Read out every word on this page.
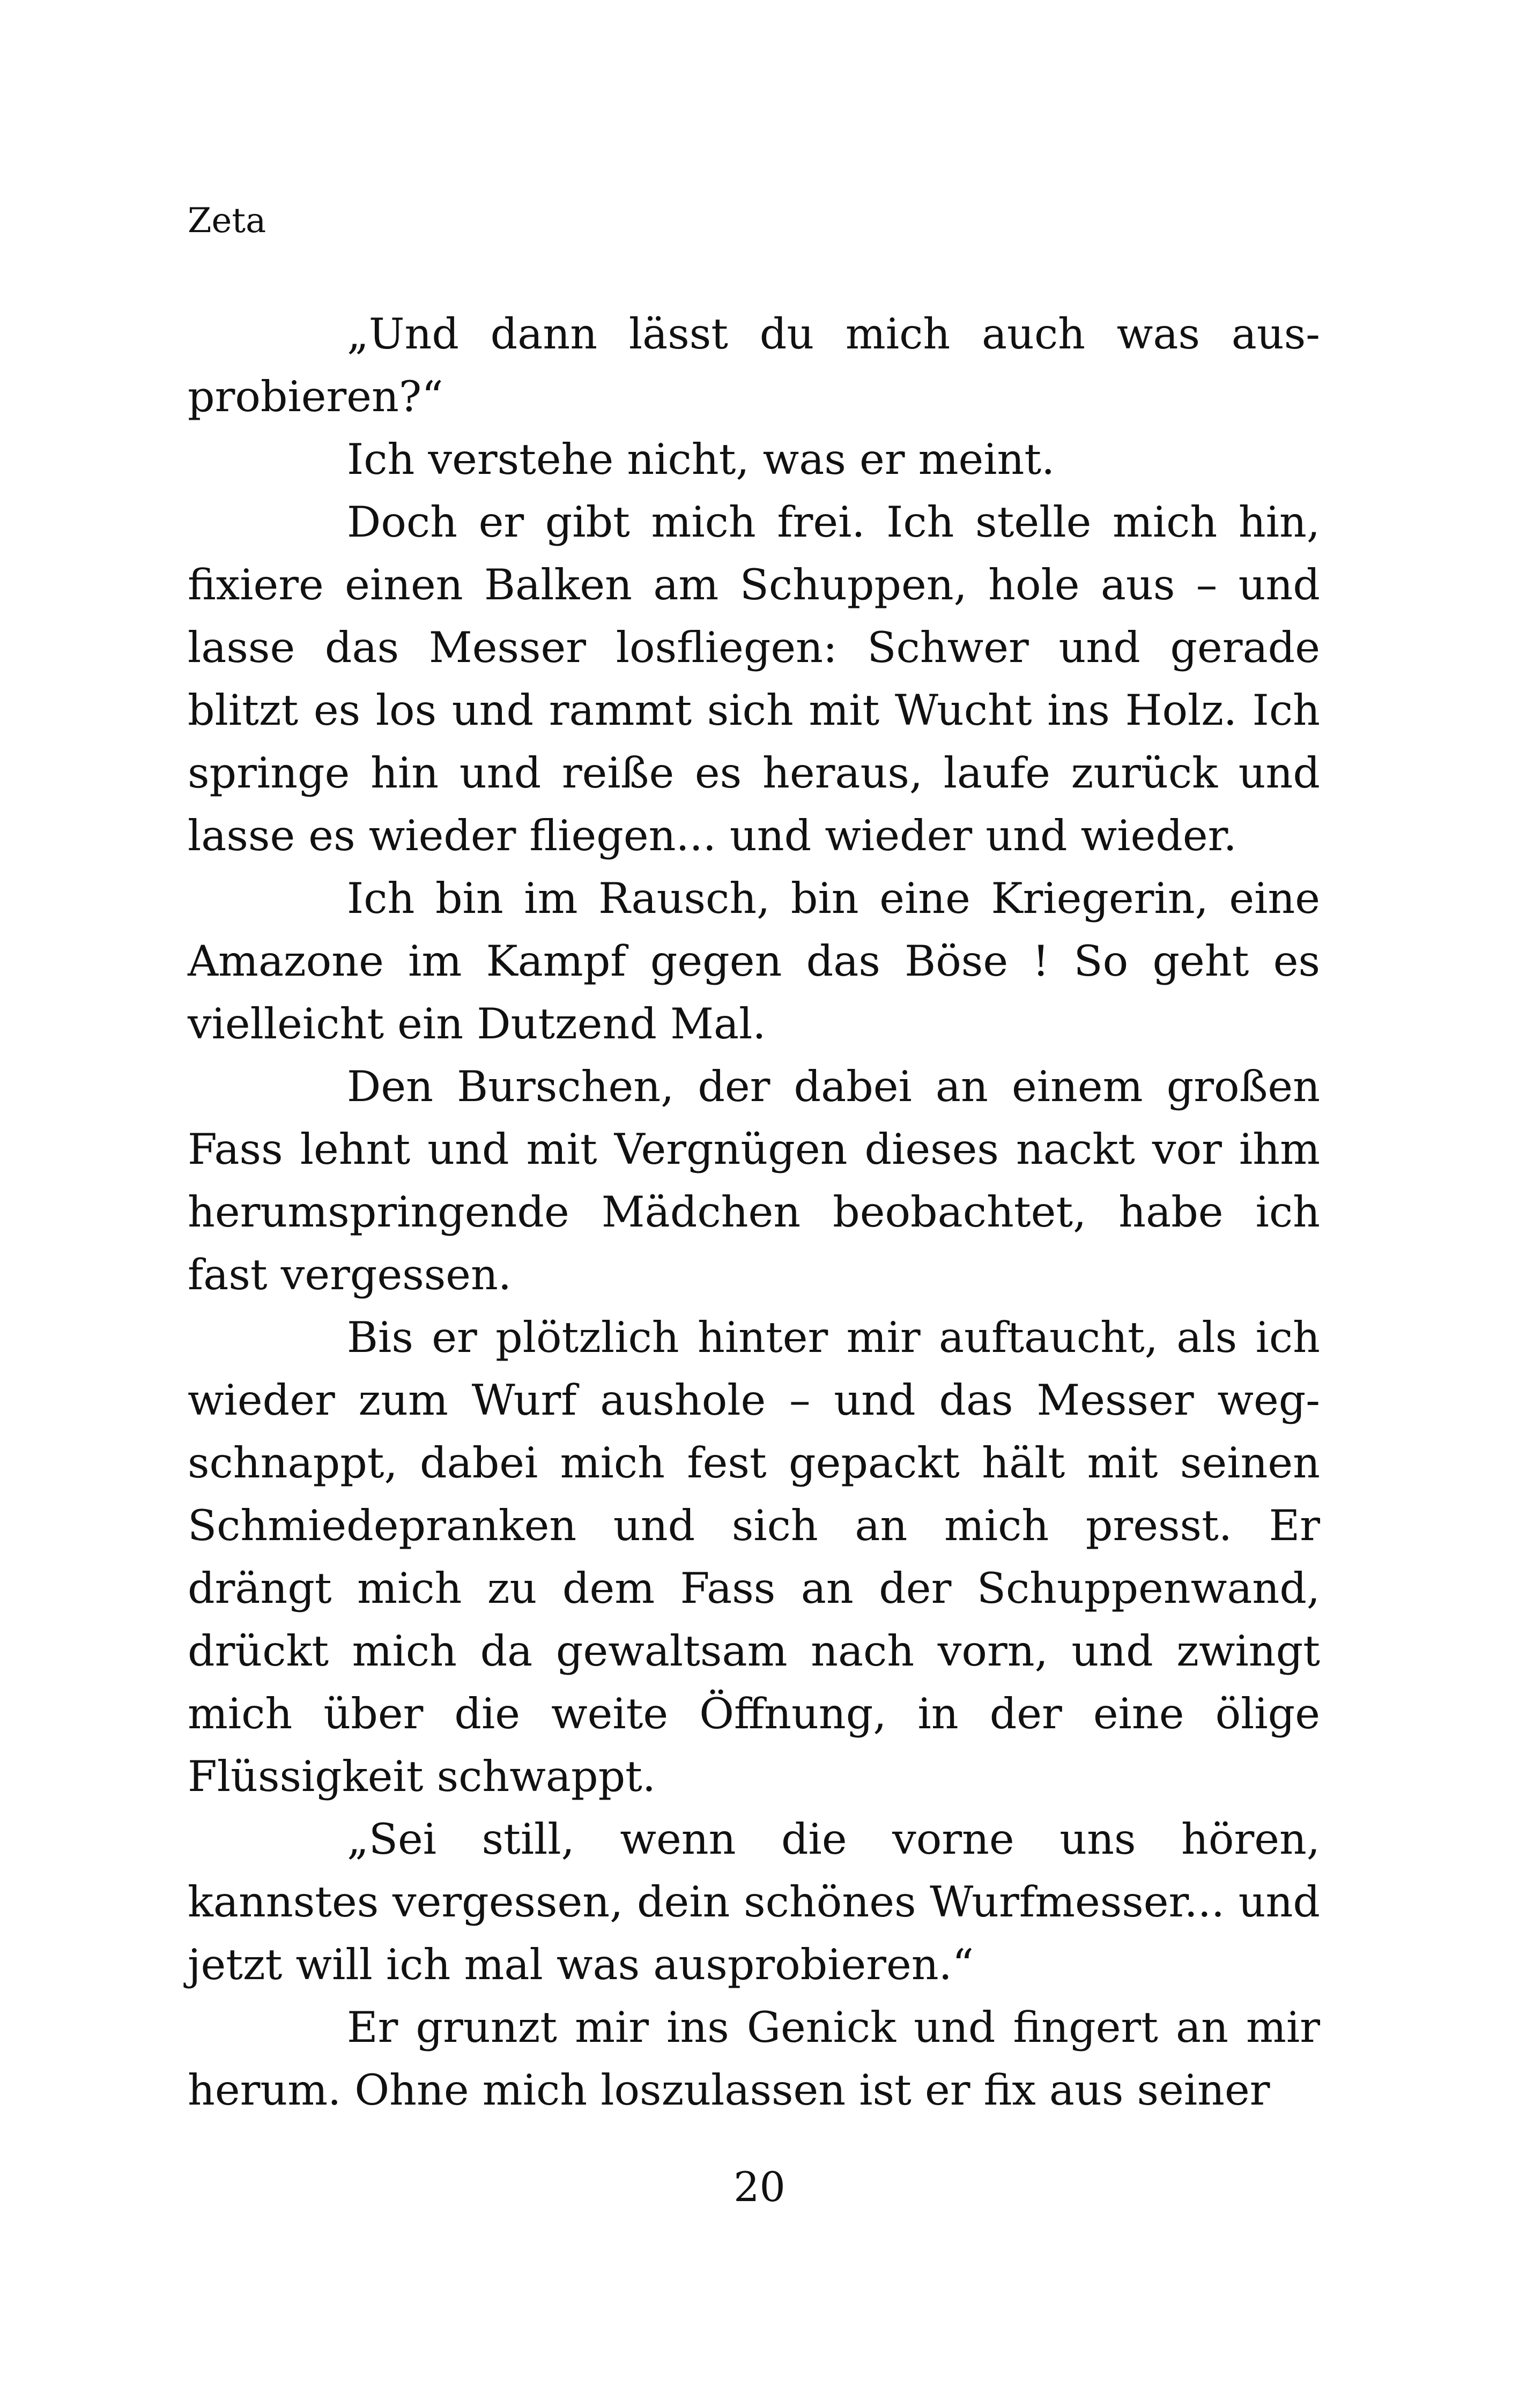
Zeta

„Und dann lässt du mich auch was ausprobieren?“

Ich verstehe nicht, was er meint.

Doch er gibt mich frei. Ich stelle mich hin, fixiere einen Balken am Schuppen, hole aus – und lasse das Messer losfliegen: Schwer und gerade blitzt es los und rammt sich mit Wucht ins Holz. Ich springe hin und reiße es heraus, laufe zurück und lasse es wieder fliegen... und wieder und wieder.

Ich bin im Rausch, bin eine Kriegerin, eine Amazone im Kampf gegen das Böse ! So geht es vielleicht ein Dutzend Mal.

Den Burschen, der dabei an einem großen Fass lehnt und mit Vergnügen dieses nackt vor ihm herumspringende Mädchen beobachtet, habe ich fast vergessen.

Bis er plötzlich hinter mir auftaucht, als ich wieder zum Wurf aushole – und das Messer wegschnappt, dabei mich fest gepackt hält mit seinen Schmiedepranken und sich an mich presst. Er drängt mich zu dem Fass an der Schuppenwand, drückt mich da gewaltsam nach vorn, und zwingt mich über die weite Öffnung, in der eine ölige Flüssigkeit schwappt.

„Sei still, wenn die vorne uns hören, kannstes vergessen, dein schönes Wurfmesser... und jetzt will ich mal was ausprobieren.“

Er grunzt mir ins Genick und fingert an mir herum. Ohne mich loszulassen ist er fix aus seiner

20
